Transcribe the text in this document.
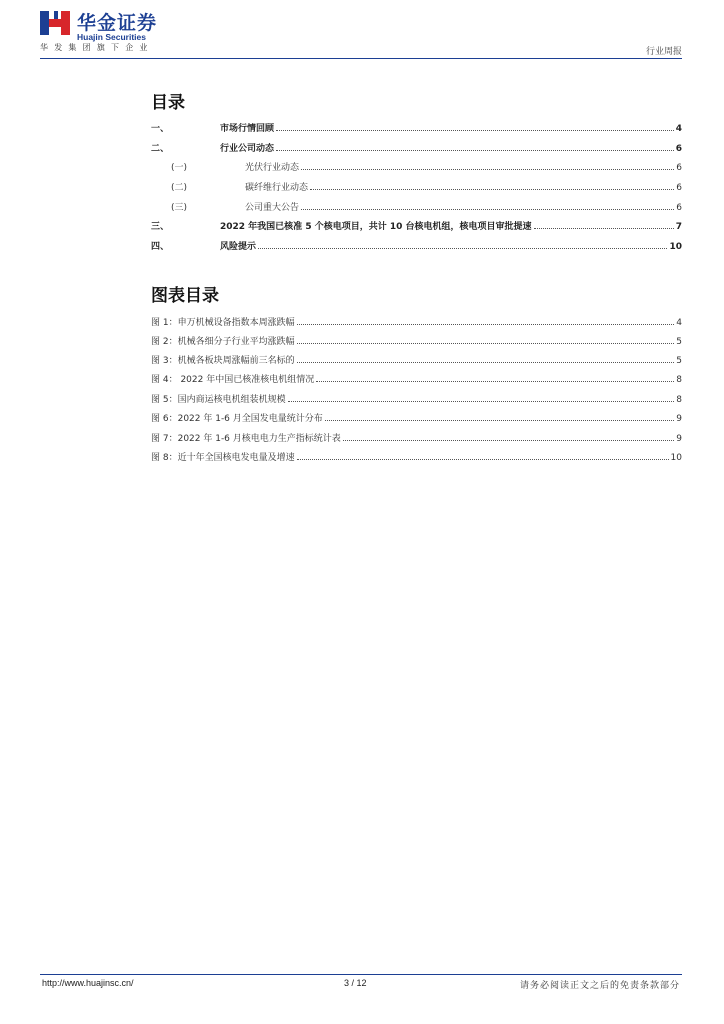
华金证券
Huajin Securities
华发集团旗下企业	行业周报
目录
一、	市场行情回顾	4
二、	行业公司动态	6
(一)	光伏行业动态	6
(二)	碳纤维行业动态	6
(三)	公司重大公告	6
三、	2022 年我国已核准 5 个核电项目，共计 10 台核电机组，核电项目审批提速	7
四、	风险提示	10
图表目录
图 1：申万机械设备指数本周涨跌幅	4
图 2：机械各细分子行业平均涨跌幅	5
图 3：机械各板块周涨幅前三名标的	5
图 4： 2022 年中国已核准核电机组情况	8
图 5：国内商运核电机组装机规模	8
图 6：2022 年 1-6 月全国发电量统计分布	9
图 7：2022 年 1-6 月核电电力生产指标统计表	9
图 8：近十年全国核电发电量及增速	10
http://www.huajinsc.cn/	3 / 12	请务必阅读正文之后的免责条款部分
